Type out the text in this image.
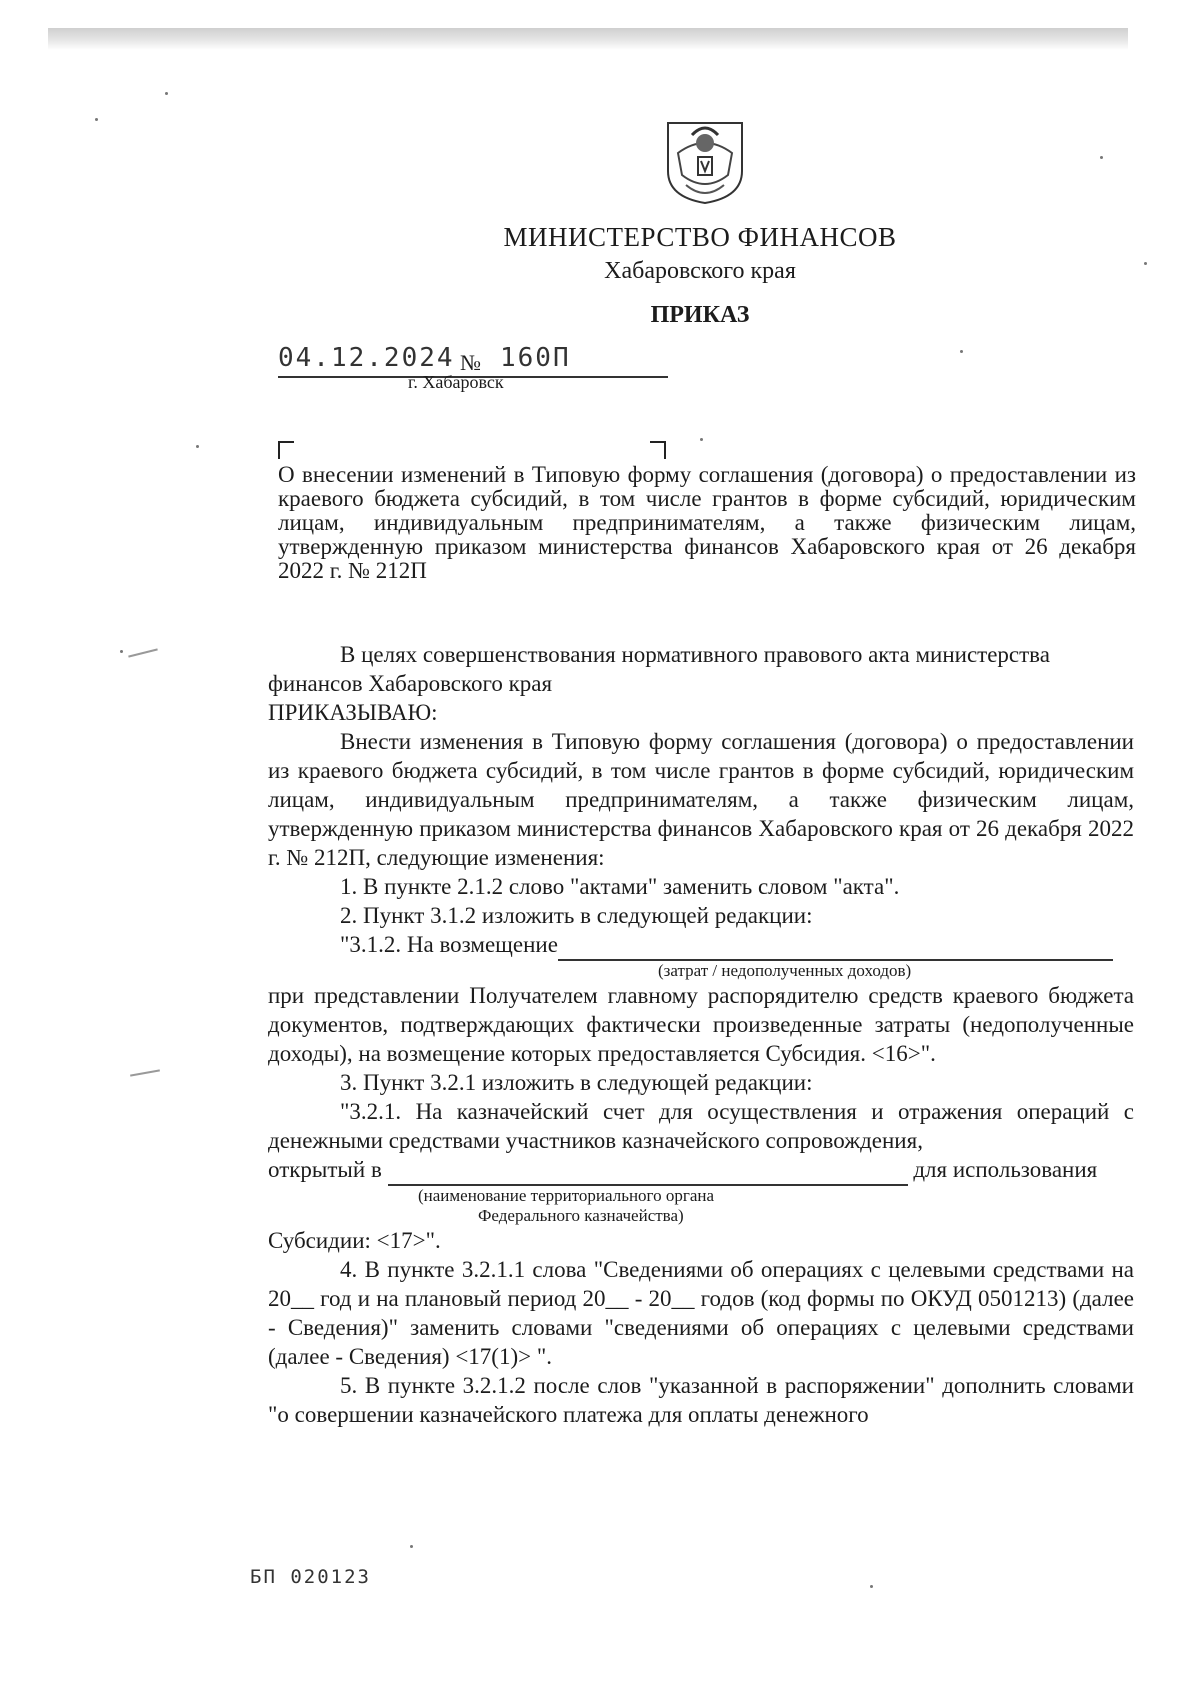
МИНИСТЕРСТВО ФИНАНСОВ
Хабаровского края
ПРИКАЗ
04.12.2024 № 160П
г. Хабаровск
О внесении изменений в Типовую форму соглашения (договора) о предоставлении из краевого бюджета субсидий, в том числе грантов в форме субсидий, юридическим лицам, индивидуальным предпринимателям, а также физическим лицам, утвержденную приказом министерства финансов Хабаровского края от 26 декабря 2022 г. № 212П

В целях совершенствования нормативного правового акта министерства финансов Хабаровского края

ПРИКАЗЫВАЮ:

Внести изменения в Типовую форму соглашения (договора) о предоставлении из краевого бюджета субсидий, в том числе грантов в форме субсидий, юридическим лицам, индивидуальным предпринимателям, а также физическим лицам, утвержденную приказом министерства финансов Хабаровского края от 26 декабря 2022 г. № 212П, следующие изменения:

1. В пункте 2.1.2 слово "актами" заменить словом "акта".

2. Пункт 3.1.2 изложить в следующей редакции:

"3.1.2. На возмещение

(затрат / недополученных доходов)

при представлении Получателем главному распорядителю средств краевого бюджета документов, подтверждающих фактически произведенные затраты (недополученные доходы), на возмещение которых предоставляется Субсидия. <16>".

3. Пункт 3.2.1 изложить в следующей редакции:

"3.2.1. На казначейский счет для осуществления и отражения операций с денежными средствами участников казначейского сопровождения,

открытый в	для использования

(наименование территориального органа

Федерального казначейства)

Субсидии: <17>".

4. В пункте 3.2.1.1 слова "Сведениями об операциях с целевыми средствами на 20__ год и на плановый период 20__ - 20__ годов (код формы по ОКУД 0501213) (далее - Сведения)" заменить словами "сведениями об операциях с целевыми средствами (далее - Сведения) <17(1)> ".

5. В пункте 3.2.1.2 после слов "указанной в распоряжении" дополнить словами "о совершении казначейского платежа для оплаты денежного

БП 020123
